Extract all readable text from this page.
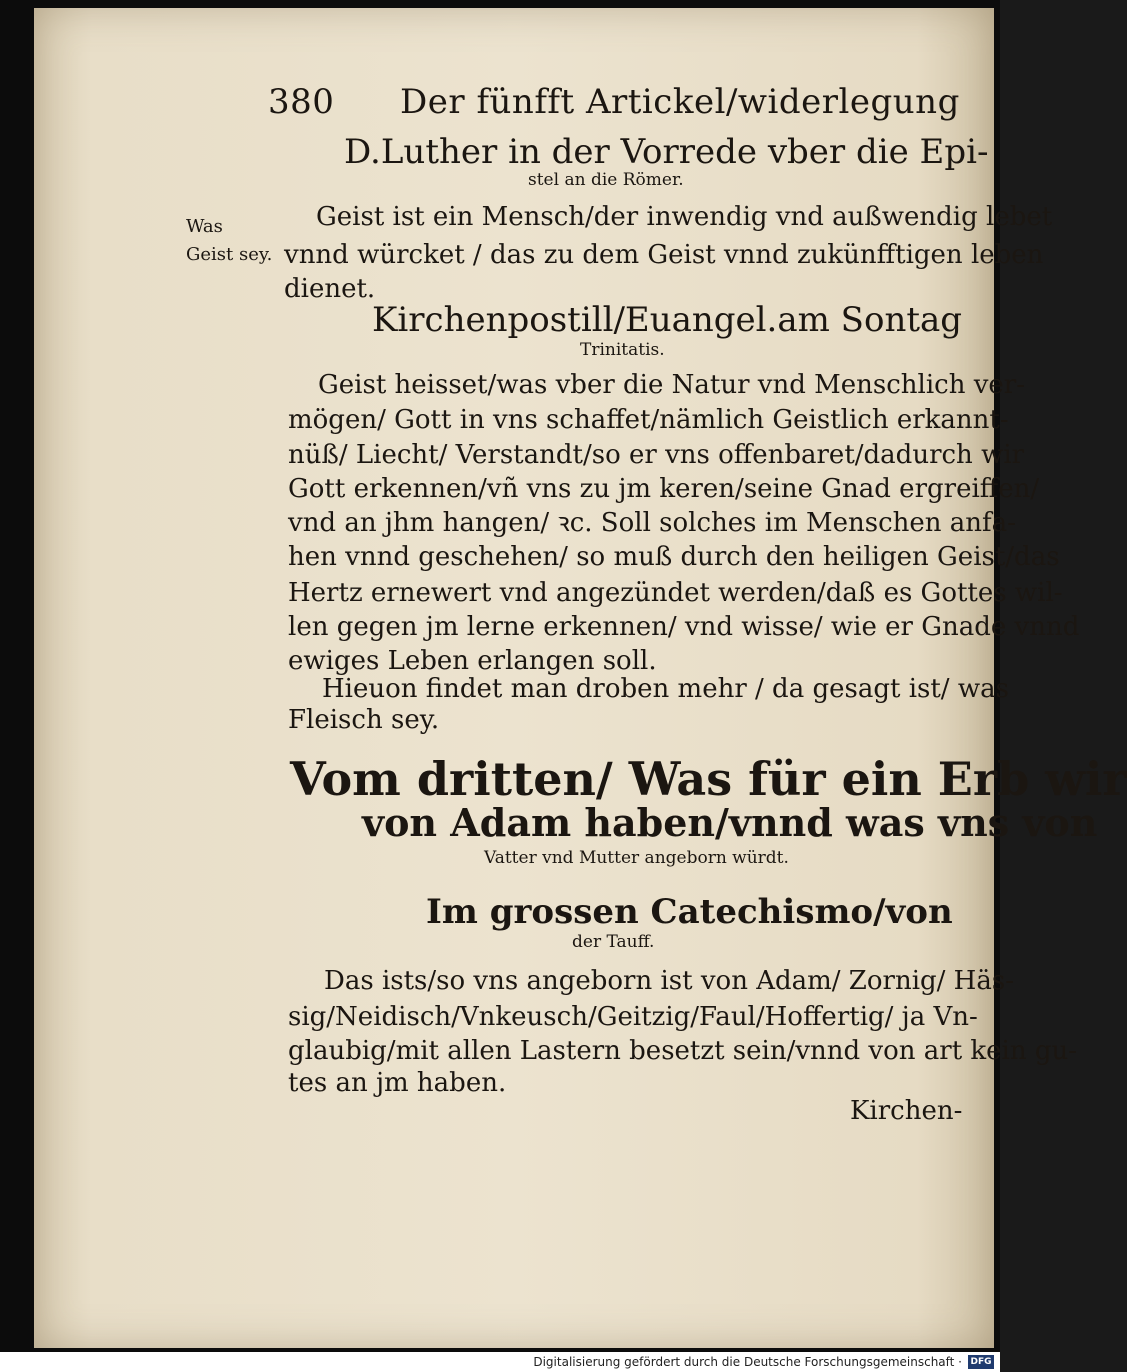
380 Der fünfft Artickel/widerlegung
D.Luther in der Vorrede vber die Epi-
stel an die Römer.
Was
Geist sey.
Geist ist ein Mensch/der inwendig vnd außwendig lebet
vnnd würcket / das zu dem Geist vnnd zukünfftigen leben
dienet.
Kirchenpostill/Euangel.am Sontag
Trinitatis.
Geist heisset/was vber die Natur vnd Menschlich ver-
mögen/ Gott in vns schaffet/nämlich Geistlich erkannt-
nüß/ Liecht/ Verstandt/so er vns offenbaret/dadurch wir
Gott erkennen/vñ vns zu jm keren/seine Gnad ergreiffen/
vnd an jhm hangen/ ꝛc. Soll solches im Menschen anfa-
hen vnnd geschehen/ so muß durch den heiligen Geist/das
Hertz ernewert vnd angezündet werden/daß es Gottes wil-
len gegen jm lerne erkennen/ vnd wisse/ wie er Gnade vnnd
ewiges Leben erlangen soll.
Hieuon findet man droben mehr / da gesagt ist/ was
Fleisch sey.
Vom dritten/ Was für ein Erb wir
von Adam haben/vnnd was vns von
Vatter vnd Mutter angeborn würdt.
Im grossen Catechismo/von
der Tauff.
Das ists/so vns angeborn ist von Adam/ Zornig/ Häs-
sig/Neidisch/Vnkeusch/Geitzig/Faul/Hoffertig/ ja Vn-
glaubig/mit allen Lastern besetzt sein/vnnd von art kein gu-
tes an jm haben.
Kirchen-
Digitalisierung gefördert durch die Deutsche Forschungsgemeinschaft · DFG
